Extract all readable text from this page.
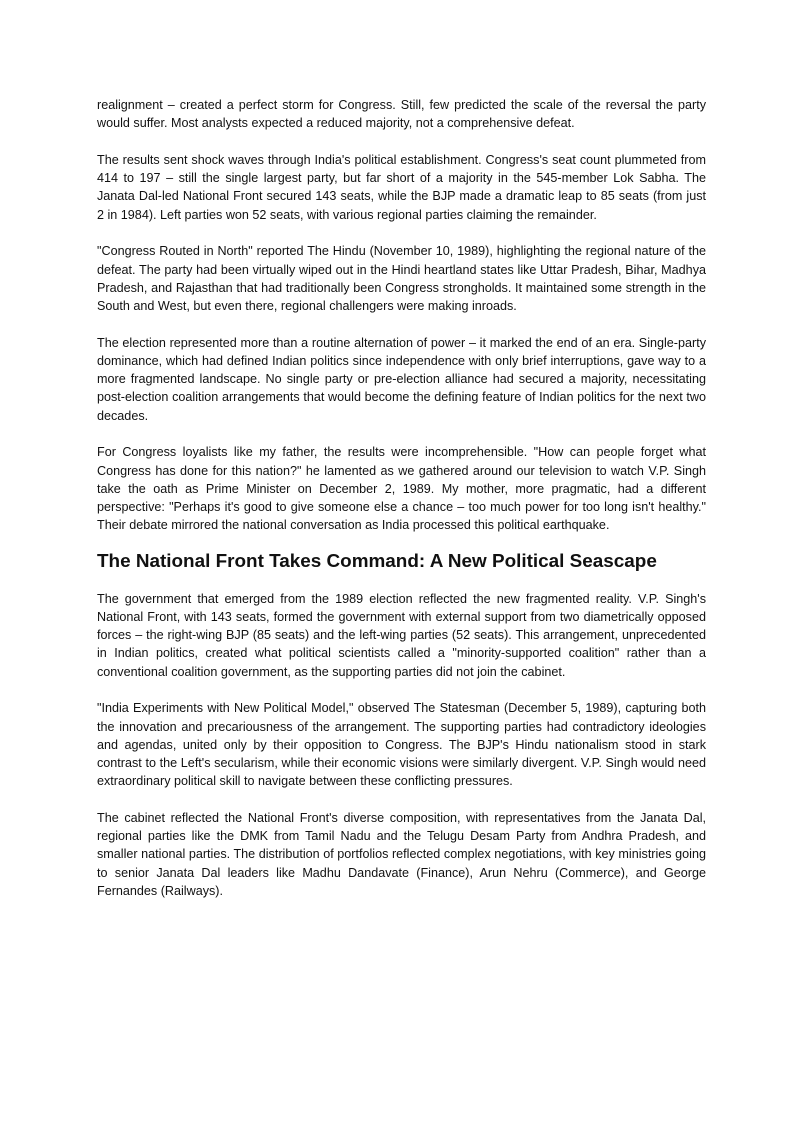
realignment – created a perfect storm for Congress. Still, few predicted the scale of the reversal the party would suffer. Most analysts expected a reduced majority, not a comprehensive defeat.

The results sent shock waves through India's political establishment. Congress's seat count plummeted from 414 to 197 – still the single largest party, but far short of a majority in the 545-member Lok Sabha. The Janata Dal-led National Front secured 143 seats, while the BJP made a dramatic leap to 85 seats (from just 2 in 1984). Left parties won 52 seats, with various regional parties claiming the remainder.

"Congress Routed in North" reported The Hindu (November 10, 1989), highlighting the regional nature of the defeat. The party had been virtually wiped out in the Hindi heartland states like Uttar Pradesh, Bihar, Madhya Pradesh, and Rajasthan that had traditionally been Congress strongholds. It maintained some strength in the South and West, but even there, regional challengers were making inroads.

The election represented more than a routine alternation of power – it marked the end of an era. Single-party dominance, which had defined Indian politics since independence with only brief interruptions, gave way to a more fragmented landscape. No single party or pre-election alliance had secured a majority, necessitating post-election coalition arrangements that would become the defining feature of Indian politics for the next two decades.

For Congress loyalists like my father, the results were incomprehensible. "How can people forget what Congress has done for this nation?" he lamented as we gathered around our television to watch V.P. Singh take the oath as Prime Minister on December 2, 1989. My mother, more pragmatic, had a different perspective: "Perhaps it's good to give someone else a chance – too much power for too long isn't healthy." Their debate mirrored the national conversation as India processed this political earthquake.

The National Front Takes Command: A New Political Seascape

The government that emerged from the 1989 election reflected the new fragmented reality. V.P. Singh's National Front, with 143 seats, formed the government with external support from two diametrically opposed forces – the right-wing BJP (85 seats) and the left-wing parties (52 seats). This arrangement, unprecedented in Indian politics, created what political scientists called a "minority-supported coalition" rather than a conventional coalition government, as the supporting parties did not join the cabinet.

"India Experiments with New Political Model," observed The Statesman (December 5, 1989), capturing both the innovation and precariousness of the arrangement. The supporting parties had contradictory ideologies and agendas, united only by their opposition to Congress. The BJP's Hindu nationalism stood in stark contrast to the Left's secularism, while their economic visions were similarly divergent. V.P. Singh would need extraordinary political skill to navigate between these conflicting pressures.

The cabinet reflected the National Front's diverse composition, with representatives from the Janata Dal, regional parties like the DMK from Tamil Nadu and the Telugu Desam Party from Andhra Pradesh, and smaller national parties. The distribution of portfolios reflected complex negotiations, with key ministries going to senior Janata Dal leaders like Madhu Dandavate (Finance), Arun Nehru (Commerce), and George Fernandes (Railways).
